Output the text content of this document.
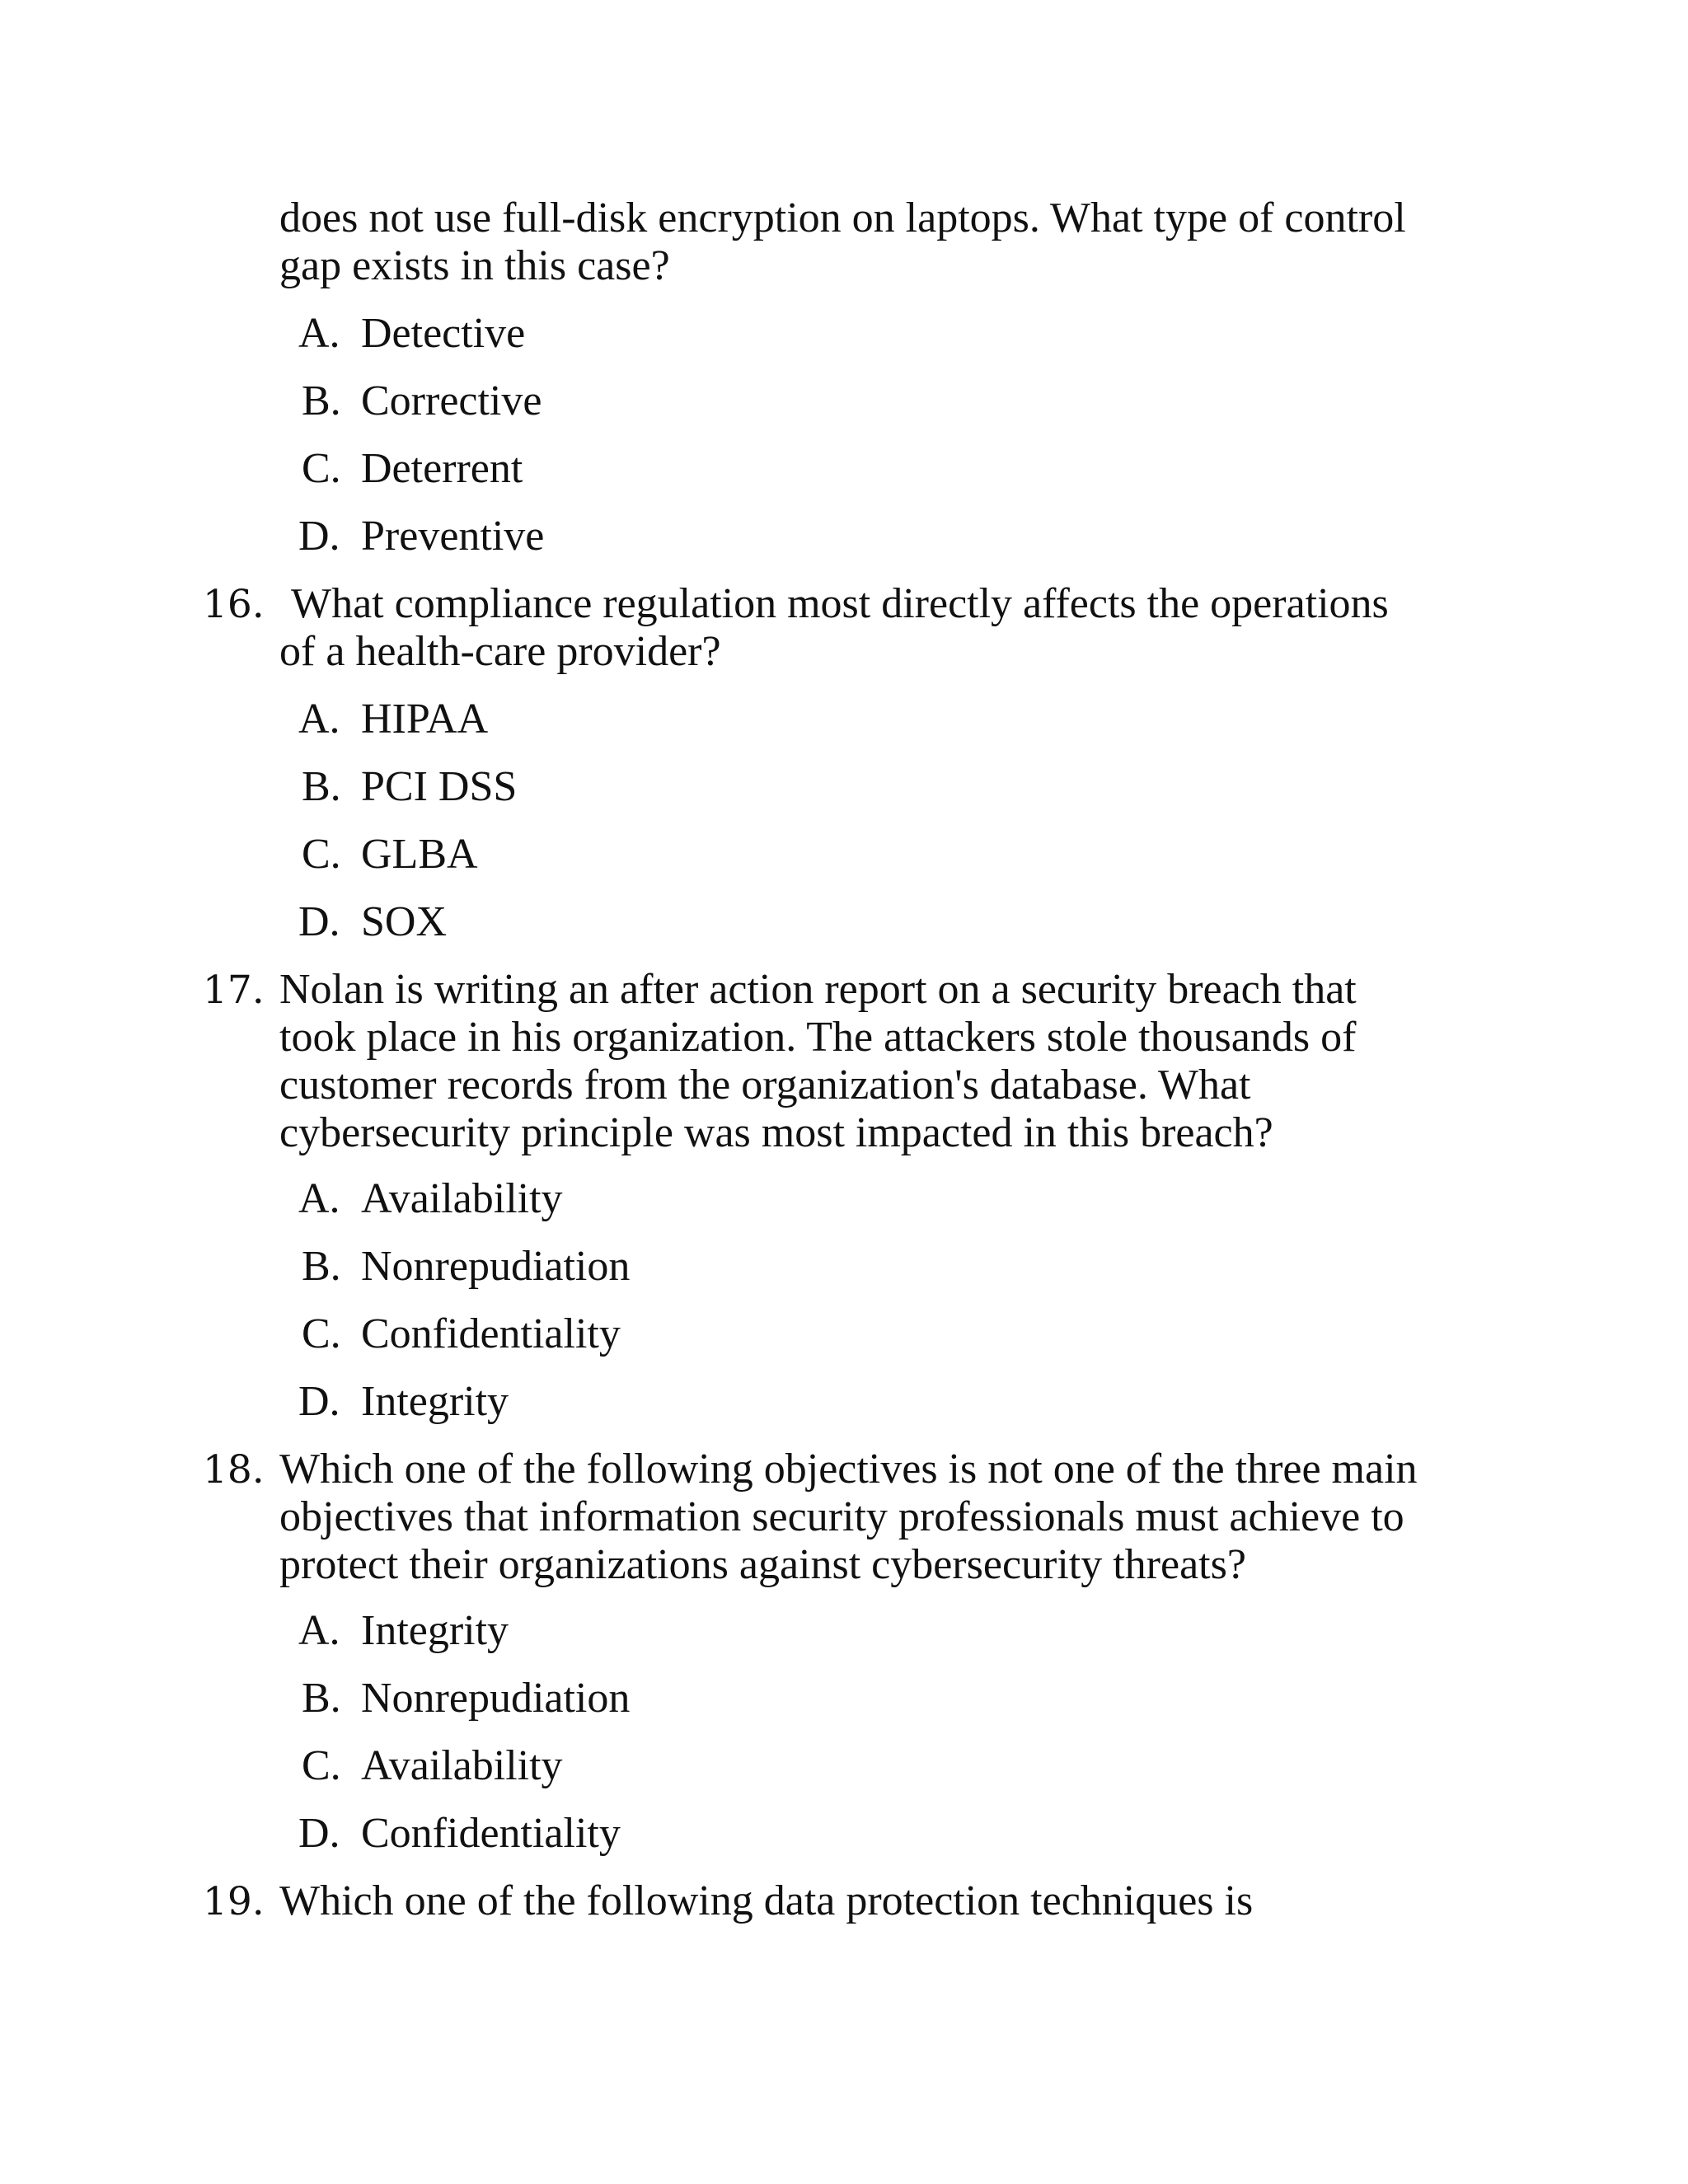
does not use full-disk encryption on laptops. What type of control
gap exists in this case?
A. Detective
B. Corrective
C. Deterrent
D. Preventive
16. What compliance regulation most directly affects the operations
of a health-care provider?
A. HIPAA
B. PCI DSS
C. GLBA
D. SOX
17. Nolan is writing an after action report on a security breach that
took place in his organization. The attackers stole thousands of
customer records from the organization's database. What
cybersecurity principle was most impacted in this breach?
A. Availability
B. Nonrepudiation
C. Confidentiality
D. Integrity
18. Which one of the following objectives is not one of the three main
objectives that information security professionals must achieve to
protect their organizations against cybersecurity threats?
A. Integrity
B. Nonrepudiation
C. Availability
D. Confidentiality
19. Which one of the following data protection techniques is
